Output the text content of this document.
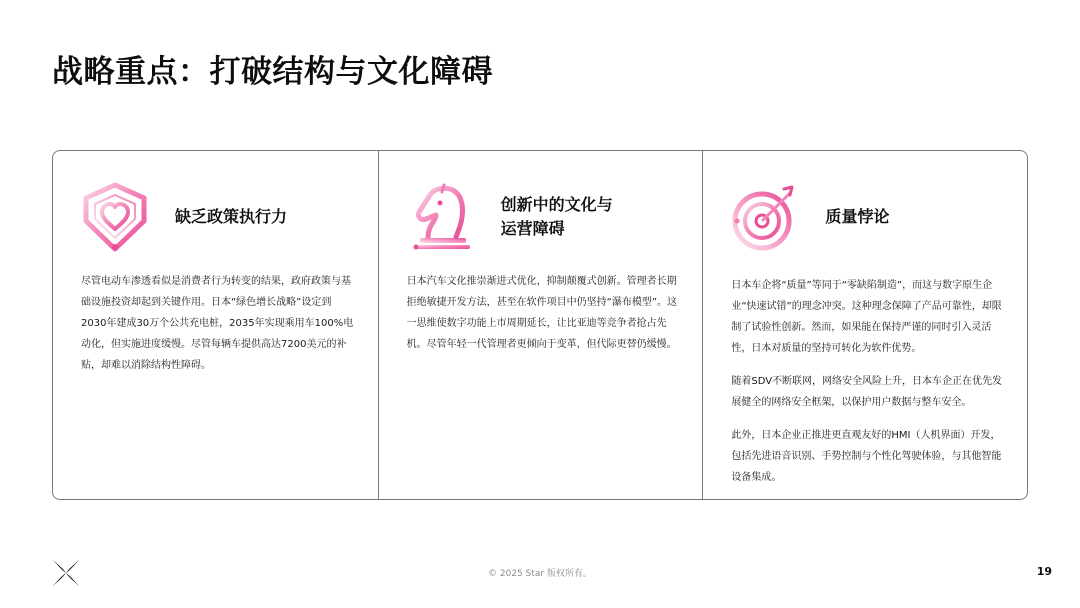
战略重点：打破结构与文化障碍
缺乏政策执行力

尽管电动车渗透看似是消费者行为转变的结果，政府政策与基础设施投资却起到关键作用。日本“绿色增长战略”设定到2030年建成30万个公共充电桩，2035年实现乘用车100%电动化，但实施进度缓慢。尽管每辆车提供高达7200美元的补贴，却难以消除结构性障碍。

创新中的文化与
运营障碍

日本汽车文化推崇渐进式优化，抑制颠覆式创新。管理者长期拒绝敏捷开发方法，甚至在软件项目中仍坚持“瀑布模型”。这一思维使数字功能上市周期延长，让比亚迪等竞争者抢占先机。尽管年轻一代管理者更倾向于变革，但代际更替仍缓慢。

质量悖论

日本车企将“质量”等同于“零缺陷制造”，而这与数字原生企业“快速试错”的理念冲突。这种理念保障了产品可靠性，却限制了试验性创新。然而，如果能在保持严谨的同时引入灵活性，日本对质量的坚持可转化为软件优势。

随着SDV不断联网，网络安全风险上升，日本车企正在优先发展健全的网络安全框架，以保护用户数据与整车安全。

此外，日本企业正推进更直观友好的HMI（人机界面）开发，包括先进语音识别、手势控制与个性化驾驶体验，与其他智能设备集成。

© 2025 Star 版权所有。	19
